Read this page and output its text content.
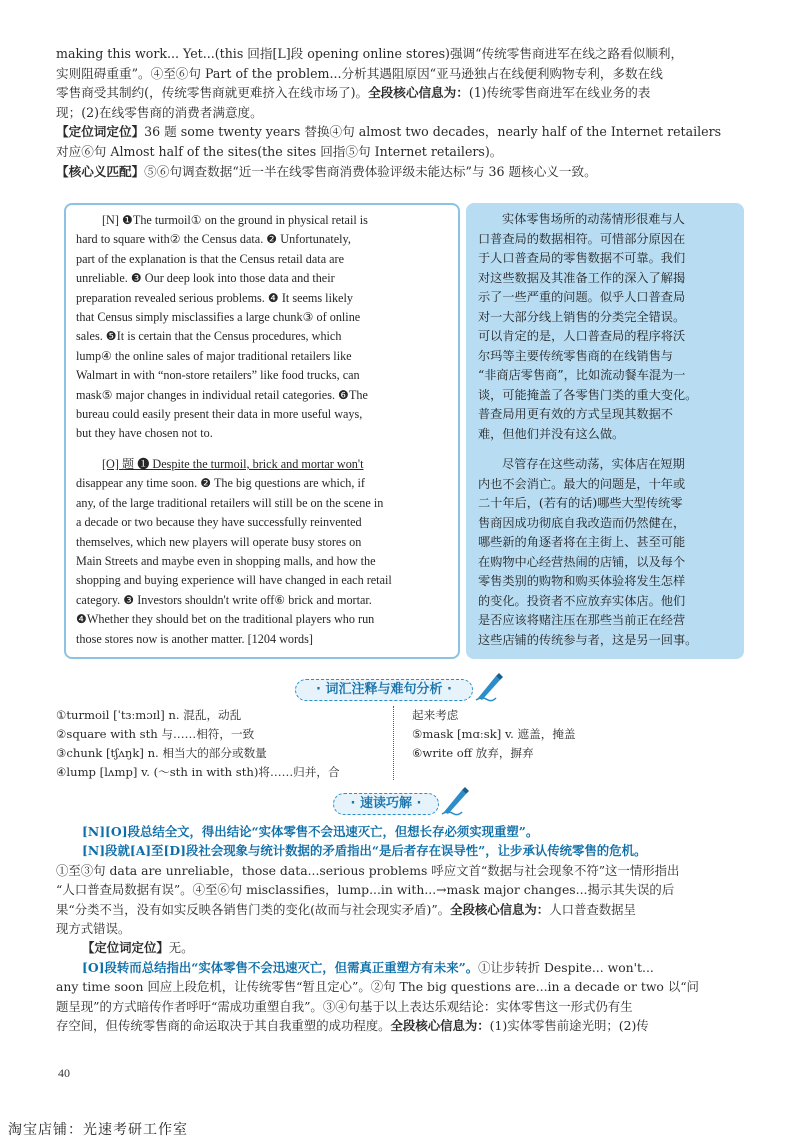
making this work... Yet...(this 回指[L]段 opening online stores)强调“传统零售商进军在线之路看似顺利，
实则阻碍重重”。④至⑥句 Part of the problem...分析其遇阻原因“亚马逊独占在线便利购物专利，多数在线
零售商受其制约(，传统零售商就更难挤入在线市场了)。全段核心信息为：(1)传统零售商进军在线业务的表
现；(2)在线零售商的消费者满意度。
【定位词定位】36 题 some twenty years 替换④句 almost two decades，nearly half of the Internet retailers
对应⑥句 Almost half of the sites(the sites 回指⑤句 Internet retailers)。
【核心义匹配】⑤⑥句调查数据“近一半在线零售商消费体验评级未能达标”与 36 题核心义一致。
[N] ❶The turmoil① on the ground in physical retail is
hard to square with② the Census data. ❷ Unfortunately,
part of the explanation is that the Census retail data are
unreliable. ❸ Our deep look into those data and their
preparation revealed serious problems. ❹ It seems likely
that Census simply misclassifies a large chunk③ of online
sales. ❺It is certain that the Census procedures, which
lump④ the online sales of major traditional retailers like
Walmart in with “non-store retailers” like food trucks, can
mask⑤ major changes in individual retail categories. ❻The
bureau could easily present their data in more useful ways,
but they have chosen not to.
[O] 题 ❶ Despite the turmoil, brick and mortar won't
disappear any time soon. ❷ The big questions are which, if
any, of the large traditional retailers will still be on the scene in
a decade or two because they have successfully reinvented
themselves, which new players will operate busy stores on
Main Streets and maybe even in shopping malls, and how the
shopping and buying experience will have changed in each retail
category. ❸ Investors shouldn't write off⑥ brick and mortar.
❹Whether they should bet on the traditional players who run
those stores now is another matter. [1204 words]
实体零售场所的动荡情形很难与人
口普查局的数据相符。可惜部分原因在
于人口普查局的零售数据不可靠。我们
对这些数据及其准备工作的深入了解揭
示了一些严重的问题。似乎人口普查局
对一大部分线上销售的分类完全错误。
可以肯定的是，人口普查局的程序将沃
尔玛等主要传统零售商的在线销售与
“非商店零售商”，比如流动餐车混为一
谈，可能掩盖了各零售门类的重大变化。
普查局用更有效的方式呈现其数据不
难，但他们并没有这么做。
尽管存在这些动荡，实体店在短期
内也不会消亡。最大的问题是，十年或
二十年后，(若有的话)哪些大型传统零
售商因成功彻底自我改造而仍然健在，
哪些新的角逐者将在主街上、甚至可能
在购物中心经营热闹的店铺，以及每个
零售类别的购物和购买体验将发生怎样
的变化。投资者不应放弃实体店。他们
是否应该将赌注压在那些当前正在经营
这些店铺的传统参与者，这是另一回事。
· 词汇注释与难句分析 ·
①turmoil [ˈtɜːmɔɪl] n. 混乱，动乱
②square with sth 与……相符，一致
③chunk [tʃʌŋk] n. 相当大的部分或数量
④lump [lʌmp] v. (～sth in with sth)将……归并，合
起来考虑
⑤mask [mɑːsk] v. 遮盖，掩盖
⑥write off 放弃，摒弃
· 速读巧解 ·
[N][O]段总结全文，得出结论“实体零售不会迅速灭亡，但想长存必须实现重塑”。
[N]段就[A]至[D]段社会现象与统计数据的矛盾指出“是后者存在误导性”，让步承认传统零售的危机。
①至③句 data are unreliable，those data...serious problems 呼应文首“数据与社会现象不符”这一情形指出
“人口普查局数据有误”。④至⑥句 misclassifies，lump...in with...→mask major changes...揭示其失误的后
果“分类不当，没有如实反映各销售门类的变化(故而与社会现实矛盾)”。全段核心信息为：人口普查数据呈
现方式错误。
【定位词定位】无。
[O]段转而总结指出“实体零售不会迅速灭亡，但需真正重塑方有未来”。①让步转折 Despite... won't...
any time soon 回应上段危机，让传统零售“暂且定心”。②句 The big questions are...in a decade or two 以“问
题呈现”的方式暗传作者呼吁“需成功重塑自我”。③④句基于以上表达乐观结论：实体零售这一形式仍有生
存空间，但传统零售商的命运取决于其自我重塑的成功程度。全段核心信息为：(1)实体零售前途光明；(2)传
40
淘宝店铺：光速考研工作室
